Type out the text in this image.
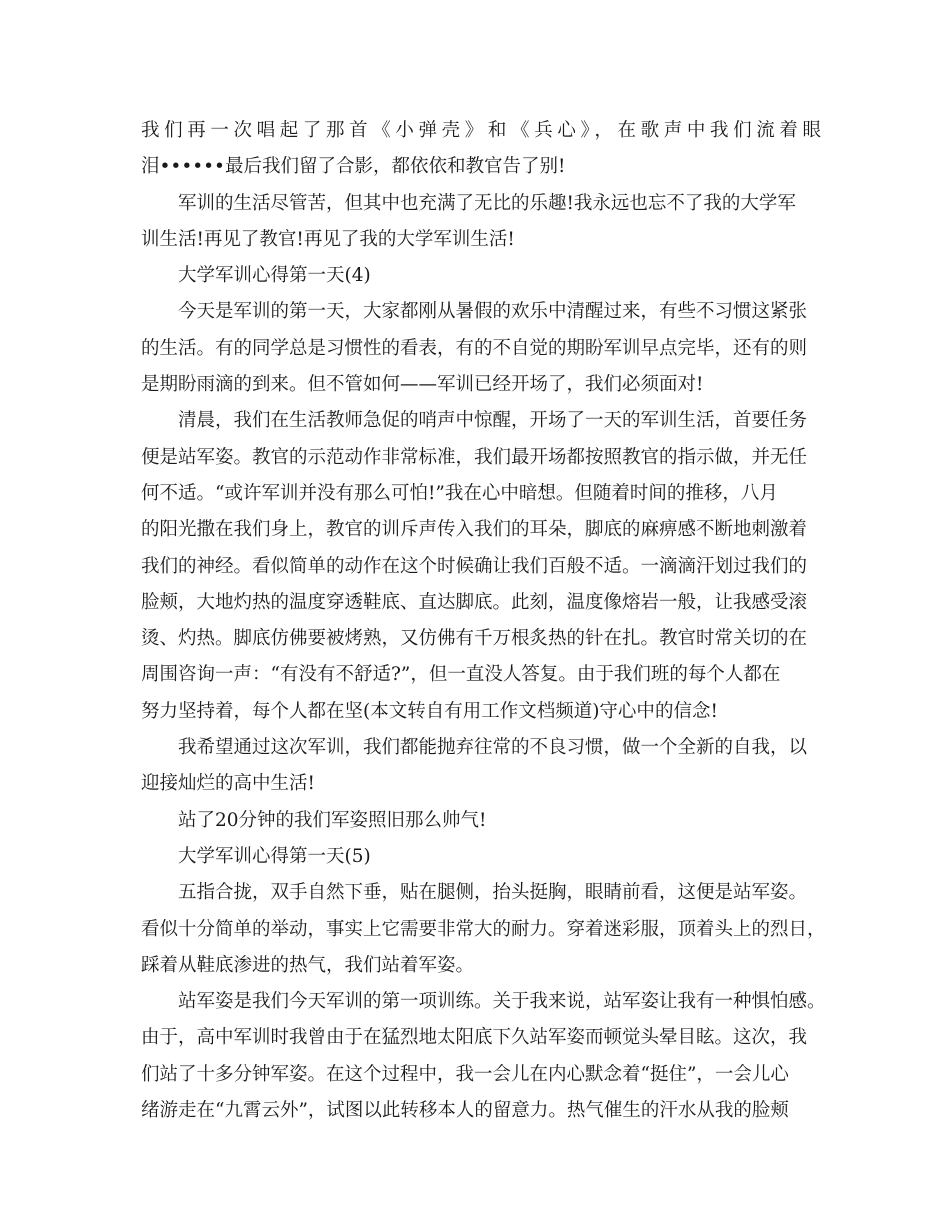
我们再一次唱起了那首《小弹壳》和《兵心》，在歌声中我们流着眼
泪••••••最后我们留了合影，都依依和教官告了别!
军训的生活尽管苦，但其中也充满了无比的乐趣!我永远也忘不了我的大学军
训生活!再见了教官!再见了我的大学军训生活!
大学军训心得第一天(4)
今天是军训的第一天，大家都刚从暑假的欢乐中清醒过来，有些不习惯这紧张
的生活。有的同学总是习惯性的看表，有的不自觉的期盼军训早点完毕，还有的则
是期盼雨滴的到来。但不管如何——军训已经开场了，我们必须面对!
清晨，我们在生活教师急促的哨声中惊醒，开场了一天的军训生活，首要任务
便是站军姿。教官的示范动作非常标准，我们最开场都按照教官的指示做，并无任
何不适。“或许军训并没有那么可怕!”我在心中暗想。但随着时间的推移，八月
的阳光撒在我们身上，教官的训斥声传入我们的耳朵，脚底的麻痹感不断地刺激着
我们的神经。看似简单的动作在这个时候确让我们百般不适。一滴滴汗划过我们的
脸颊，大地灼热的温度穿透鞋底、直达脚底。此刻，温度像熔岩一般，让我感受滚
烫、灼热。脚底仿佛要被烤熟，又仿佛有千万根炙热的针在扎。教官时常关切的在
周围咨询一声：“有没有不舒适?”，但一直没人答复。由于我们班的每个人都在
努力坚持着，每个人都在坚(本文转自有用工作文档频道)守心中的信念!
我希望通过这次军训，我们都能抛弃往常的不良习惯，做一个全新的自我，以
迎接灿烂的高中生活!
站了20分钟的我们军姿照旧那么帅气!
大学军训心得第一天(5)
五指合拢，双手自然下垂，贴在腿侧，抬头挺胸，眼睛前看，这便是站军姿。
看似十分简单的举动，事实上它需要非常大的耐力。穿着迷彩服，顶着头上的烈日，
踩着从鞋底渗进的热气，我们站着军姿。
站军姿是我们今天军训的第一项训练。关于我来说，站军姿让我有一种惧怕感。
由于，高中军训时我曾由于在猛烈地太阳底下久站军姿而顿觉头晕目眩。这次，我
们站了十多分钟军姿。在这个过程中，我一会儿在内心默念着“挺住”，一会儿心
绪游走在“九霄云外”，试图以此转移本人的留意力。热气催生的汗水从我的脸颊
